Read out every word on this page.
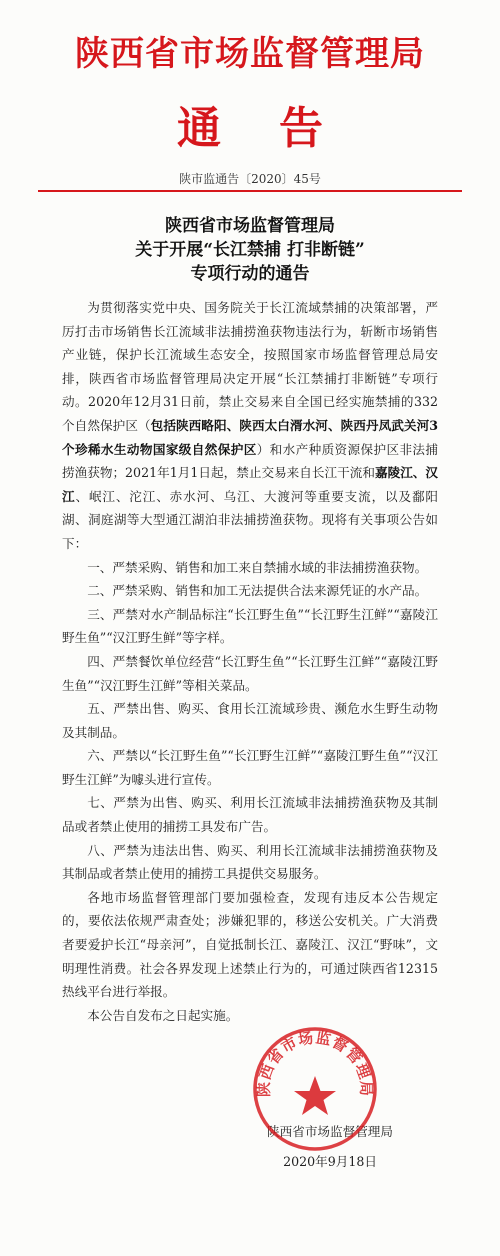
陕西省市场监督管理局
通告
陕市监通告〔2020〕45号
陕西省市场监督管理局
关于开展“长江禁捕 打非断链”
专项行动的通告

为贯彻落实党中央、国务院关于长江流域禁捕的决策部署，严厉打击市场销售长江流域非法捕捞渔获物违法行为，斩断市场销售产业链，保护长江流域生态安全，按照国家市场监督管理总局安排，陕西省市场监督管理局决定开展“长江禁捕打非断链”专项行动。2020年12月31日前，禁止交易来自全国已经实施禁捕的332个自然保护区（包括陕西略阳、陕西太白湑水河、陕西丹凤武关河3个珍稀水生动物国家级自然保护区）和水产种质资源保护区非法捕捞渔获物；2021年1月1日起，禁止交易来自长江干流和嘉陵江、汉江、岷江、沱江、赤水河、乌江、大渡河等重要支流，以及鄱阳湖、洞庭湖等大型通江湖泊非法捕捞渔获物。现将有关事项公告如下：

一、严禁采购、销售和加工来自禁捕水域的非法捕捞渔获物。

二、严禁采购、销售和加工无法提供合法来源凭证的水产品。

三、严禁对水产制品标注“长江野生鱼”“长江野生江鲜”“嘉陵江野生鱼”“汉江野生鲜”等字样。

四、严禁餐饮单位经营“长江野生鱼”“长江野生江鲜”“嘉陵江野生鱼”“汉江野生江鲜”等相关菜品。

五、严禁出售、购买、食用长江流域珍贵、濒危水生野生动物及其制品。

六、严禁以“长江野生鱼”“长江野生江鲜”“嘉陵江野生鱼”“汉江野生江鲜”为噱头进行宣传。

七、严禁为出售、购买、利用长江流域非法捕捞渔获物及其制品或者禁止使用的捕捞工具发布广告。

八、严禁为违法出售、购买、利用长江流域非法捕捞渔获物及其制品或者禁止使用的捕捞工具提供交易服务。

各地市场监督管理部门要加强检查，发现有违反本公告规定的，要依法依规严肃查处；涉嫌犯罪的，移送公安机关。广大消费者要爱护长江“母亲河”，自觉抵制长江、嘉陵江、汉江“野味”，文明理性消费。社会各界发现上述禁止行为的，可通过陕西省12315热线平台进行举报。

本公告自发布之日起实施。

陕西省市场监督管理局
2020年9月18日
陕西省市场监督管理局
